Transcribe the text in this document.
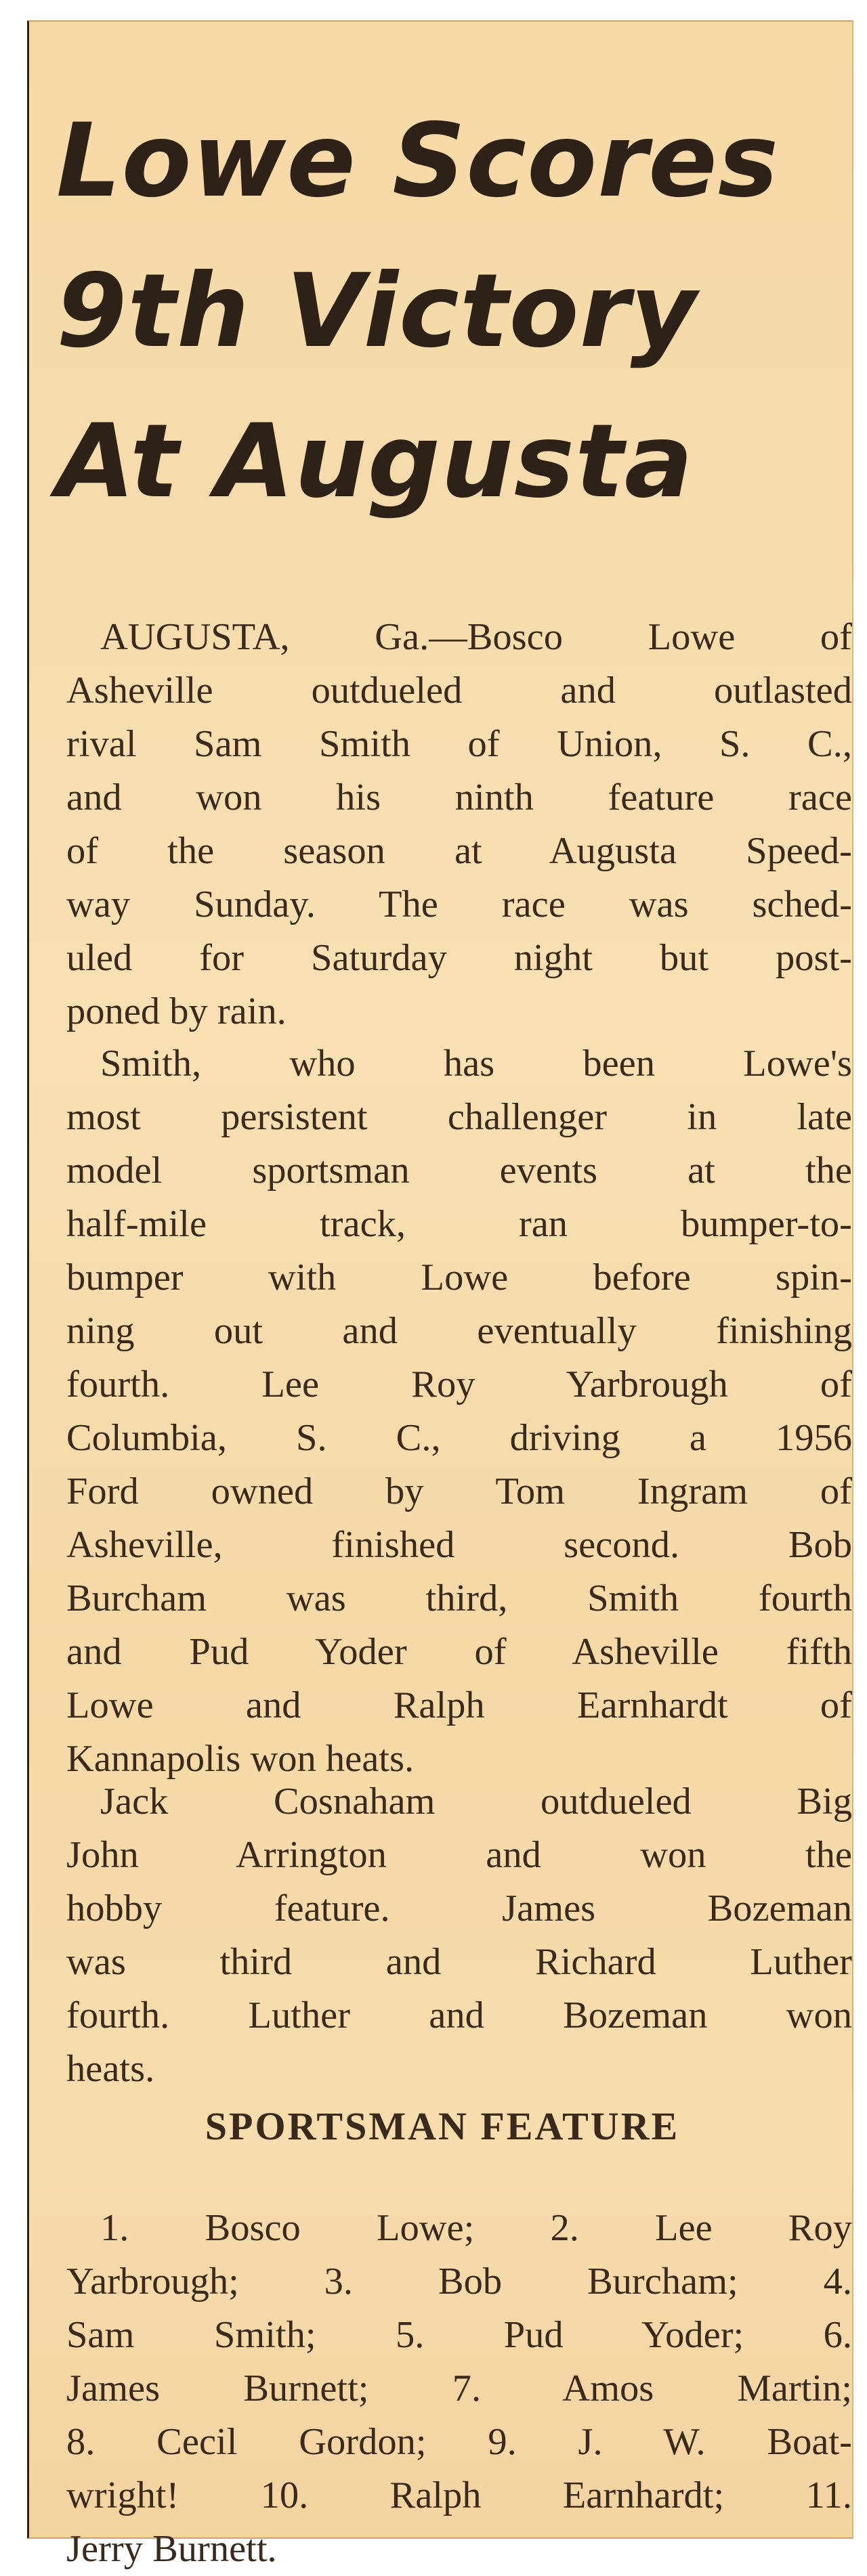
Lowe Scores
9th Victory
At Augusta

AUGUSTA, Ga.—Bosco Lowe of
Asheville outdueled and outlasted
rival Sam Smith of Union, S. C.,
and won his ninth feature race
of the season at Augusta Speed-
way Sunday. The race was sched-
uled for Saturday night but post-
poned by rain.

Smith, who has been Lowe's
most persistent challenger in late
model sportsman events at the
half-mile track, ran bumper-to-
bumper with Lowe before spin-
ning out and eventually finishing
fourth. Lee Roy Yarbrough of
Columbia, S. C., driving a 1956
Ford owned by Tom Ingram of
Asheville, finished second. Bob
Burcham was third, Smith fourth
and Pud Yoder of Asheville fifth
Lowe and Ralph Earnhardt of
Kannapolis won heats.

Jack Cosnaham outdueled Big
John Arrington and won the
hobby feature. James Bozeman
was third and Richard Luther
fourth. Luther and Bozeman won
heats.

SPORTSMAN FEATURE

1. Bosco Lowe; 2. Lee Roy
Yarbrough; 3. Bob Burcham; 4.
Sam Smith; 5. Pud Yoder; 6.
James Burnett; 7. Amos Martin;
8. Cecil Gordon; 9. J. W. Boat-
wright! 10. Ralph Earnhardt; 11.
Jerry Burnett.
